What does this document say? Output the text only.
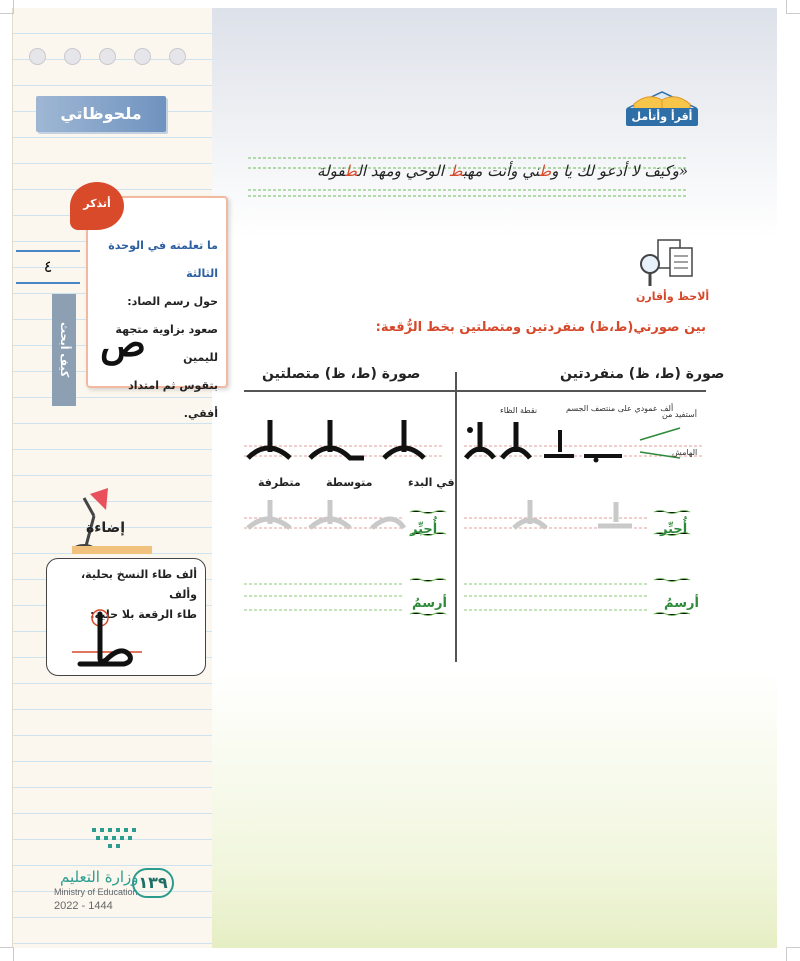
ملحوظاتي
٤
كيف أبحث

ما تعلمته في الوحدة الثالثة

حول رسم الصاد:

صعود بزاوية متجهة لليمين

بتقوس ثم امتداد

أفقي.

ص
أتذكر
إضاءة

ألف طاء النسخ بحلية، وألف

طاء الرقعة بلا حلية:

وزارة التعليم
Ministry of Education
2022 - 1444
١٣٩
أقرأ وأتأمل
«وكيف لا أدعو لك يا وطني وأنت مهبط الوحي ومهد الطفولة
ألاحظ وأقارن
بين صورتي(ط،ظ) منفردتين ومتصلتين بخط الرُّقعة:
صورة (ط، ظ) منفردتين
صورة (ط، ظ) متصلتين
أستفيد من
الهامش
ألف عمودي على منتصف الجسم
نقطة الظاء
في البدء
متوسطة
متطرفة
أُحبِّر
أُحبِّر
أرسمُ
أرسمُ
